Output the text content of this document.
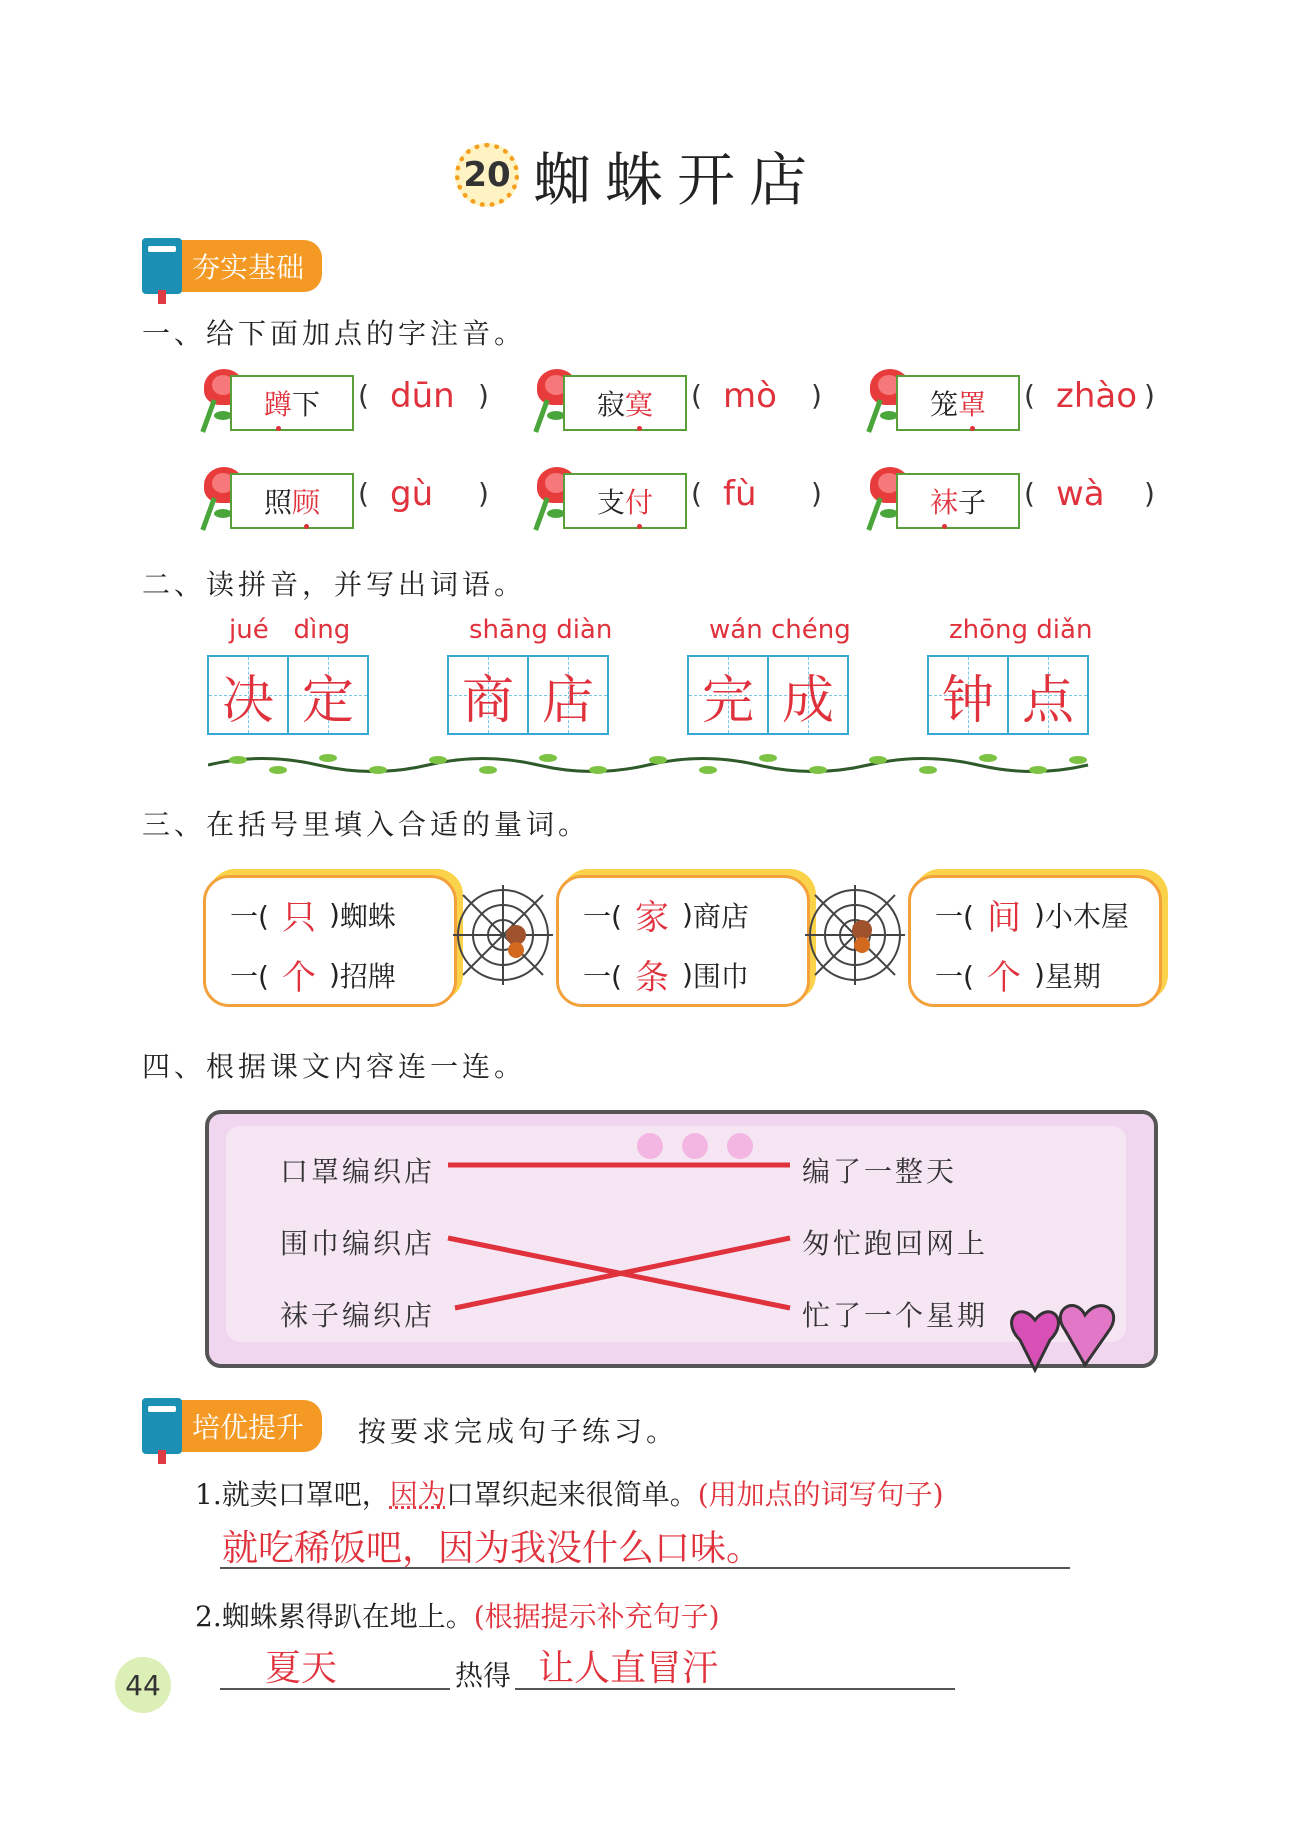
20 蜘蛛开店
夯实基础
一、给下面加点的字注音。
蹲 下 ( dūn )	寂 寞 ( mò )	笼 罩 ( zhào )
照 顾 ( gù )	支 付 ( fù )	袜 子 ( wà )
二、读拼音，并写出词语。
jué   dìng
决 定
shāng diàn
商 店
wán chéng
完 成
zhōng diǎn
钟 点
三、在括号里填入合适的量词。
一( 只 ) 蜘蛛
一( 个 ) 招牌
一( 家 ) 商店
一( 条 ) 围巾
一( 间 ) 小木屋
一( 个 ) 星期
四、根据课文内容连一连。
口罩编织店
围巾编织店
袜子编织店
编了一整天
匆忙跑回网上
忙了一个星期
培优提升	按要求完成句子练习。
1.就卖口罩吧，因为口罩织起来很简单。(用加点的词写句子)
就吃稀饭吧，因为我没什么口味。
2.蜘蛛累得趴在地上。(根据提示补充句子)
夏天	热得 让人直冒汗
44
